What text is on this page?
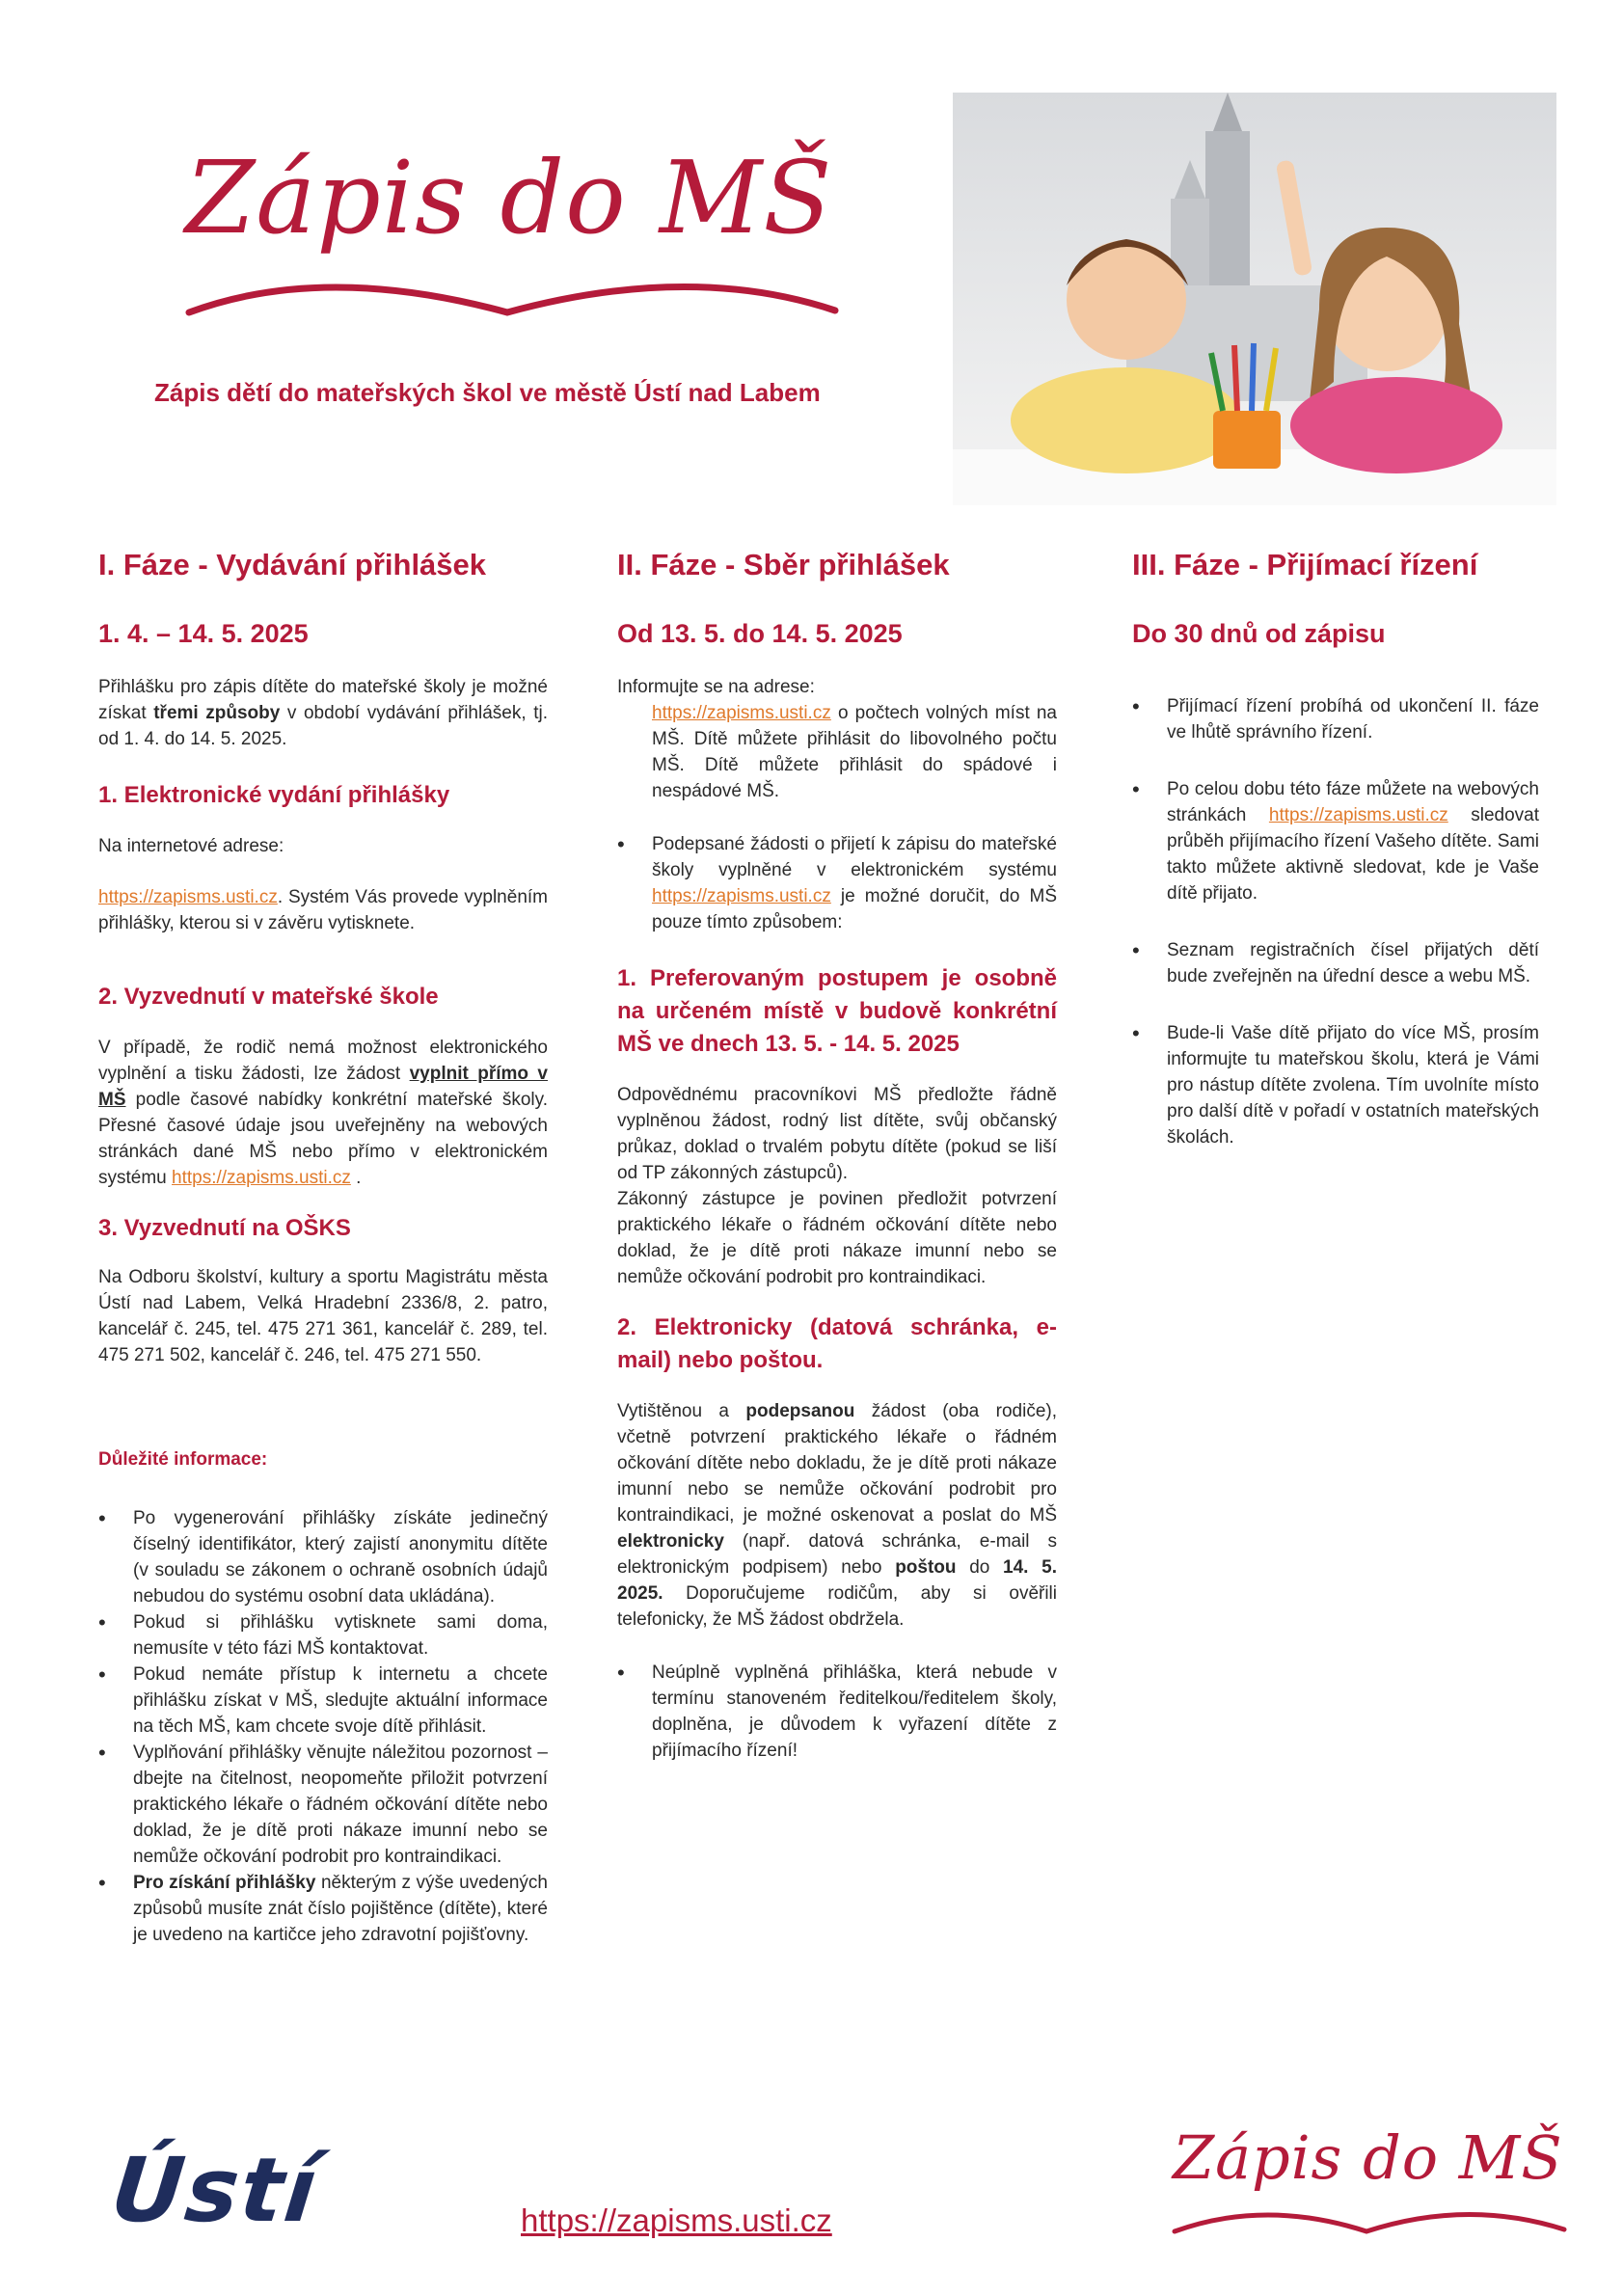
Zápis do MŠ
Zápis dětí do mateřských škol ve městě Ústí nad Labem
I. Fáze - Vydávání přihlášek
1. 4. – 14. 5. 2025

Přihlášku pro zápis dítěte do mateřské školy je možné získat třemi způsoby v období vydávání přihlášek, tj. od 1. 4. do 14. 5. 2025.

1. Elektronické vydání přihlášky

Na internetové adrese:

https://zapisms.usti.cz. Systém Vás provede vyplněním přihlášky, kterou si v závěru vytisknete.

2. Vyzvednutí v mateřské škole

V případě, že rodič nemá možnost elektronického vyplnění a tisku žádosti, lze žádost vyplnit přímo v MŠ podle časové nabídky konkrétní mateřské školy. Přesné časové údaje jsou uveřejněny na webových stránkách dané MŠ nebo přímo v elektronickém systému https://zapisms.usti.cz .

3. Vyzvednutí na OŠKS

Na Odboru školství, kultury a sportu Magistrátu města Ústí nad Labem, Velká Hradební 2336/8, 2. patro, kancelář č. 245, tel. 475 271 361, kancelář č. 289, tel. 475 271 502, kancelář č. 246, tel. 475 271 550.

Důležité informace:
• Po vygenerování přihlášky získáte jedinečný číselný identifikátor, který zajistí anonymitu dítěte (v souladu se zákonem o ochraně osobních údajů nebudou do systému osobní data ukládána).
• Pokud si přihlášku vytisknete sami doma, nemusíte v této fázi MŠ kontaktovat.
• Pokud nemáte přístup k internetu a chcete přihlášku získat v MŠ, sledujte aktuální informace na těch MŠ, kam chcete svoje dítě přihlásit.
• Vyplňování přihlášky věnujte náležitou pozornost – dbejte na čitelnost, neopomeňte přiložit potvrzení praktického lékaře o řádném očkování dítěte nebo doklad, že je dítě proti nákaze imunní nebo se nemůže očkování podrobit pro kontraindikaci.
• Pro získání přihlášky některým z výše uvedených způsobů musíte znát číslo pojištěnce (dítěte), které je uvedeno na kartičce jeho zdravotní pojišťovny.
II. Fáze - Sběr přihlášek
Od 13. 5. do 14. 5. 2025

Informujte se na adrese:

https://zapisms.usti.cz o počtech volných míst na MŠ. Dítě můžete přihlásit do libovolného počtu MŠ. Dítě můžete přihlásit do spádové i nespádové MŠ.

• Podepsané žádosti o přijetí k zápisu do mateřské školy vyplněné v elektronickém systému https://zapisms.usti.cz je možné doručit, do MŠ pouze tímto způsobem:
1. Preferovaným postupem je osobně na určeném místě v budově konkrétní MŠ ve dnech 13. 5. - 14. 5. 2025

Odpovědnému pracovníkovi MŠ předložte řádně vyplněnou žádost, rodný list dítěte, svůj občanský průkaz, doklad o trvalém pobytu dítěte (pokud se liší od TP zákonných zástupců).

Zákonný zástupce je povinen předložit potvrzení praktického lékaře o řádném očkování dítěte nebo doklad, že je dítě proti nákaze imunní nebo se nemůže očkování podrobit pro kontraindikaci.

2. Elektronicky (datová schránka, e-mail) nebo poštou.

Vytištěnou a podepsanou žádost (oba rodiče), včetně potvrzení praktického lékaře o řádném očkování dítěte nebo dokladu, že je dítě proti nákaze imunní nebo se nemůže očkování podrobit pro kontraindikaci, je možné oskenovat a poslat do MŠ elektronicky (např. datová schránka, e-mail s elektronickým podpisem) nebo poštou do 14. 5. 2025. Doporučujeme rodičům, aby si ověřili telefonicky, že MŠ žádost obdržela.

• Neúplně vyplněná přihláška, která nebude v termínu stanoveném ředitelkou/ředitelem školy, doplněna, je důvodem k vyřazení dítěte z přijímacího řízení!
III. Fáze - Přijímací řízení
Do 30 dnů od zápisu
• Přijímací řízení probíhá od ukončení II. fáze ve lhůtě správního řízení.
• Po celou dobu této fáze můžete na webových stránkách https://zapisms.usti.cz sledovat průběh přijímacího řízení Vašeho dítěte. Sami takto můžete aktivně sledovat, kde je Vaše dítě přijato.
• Seznam registračních čísel přijatých dětí bude zveřejněn na úřední desce a webu MŠ.
• Bude-li Vaše dítě přijato do více MŠ, prosím informujte tu mateřskou školu, která je Vámi pro nástup dítěte zvolena. Tím uvolníte místo pro další dítě v pořadí v ostatních mateřských školách.
Ústí	https://zapisms.usti.cz
Zápis do MŠ
